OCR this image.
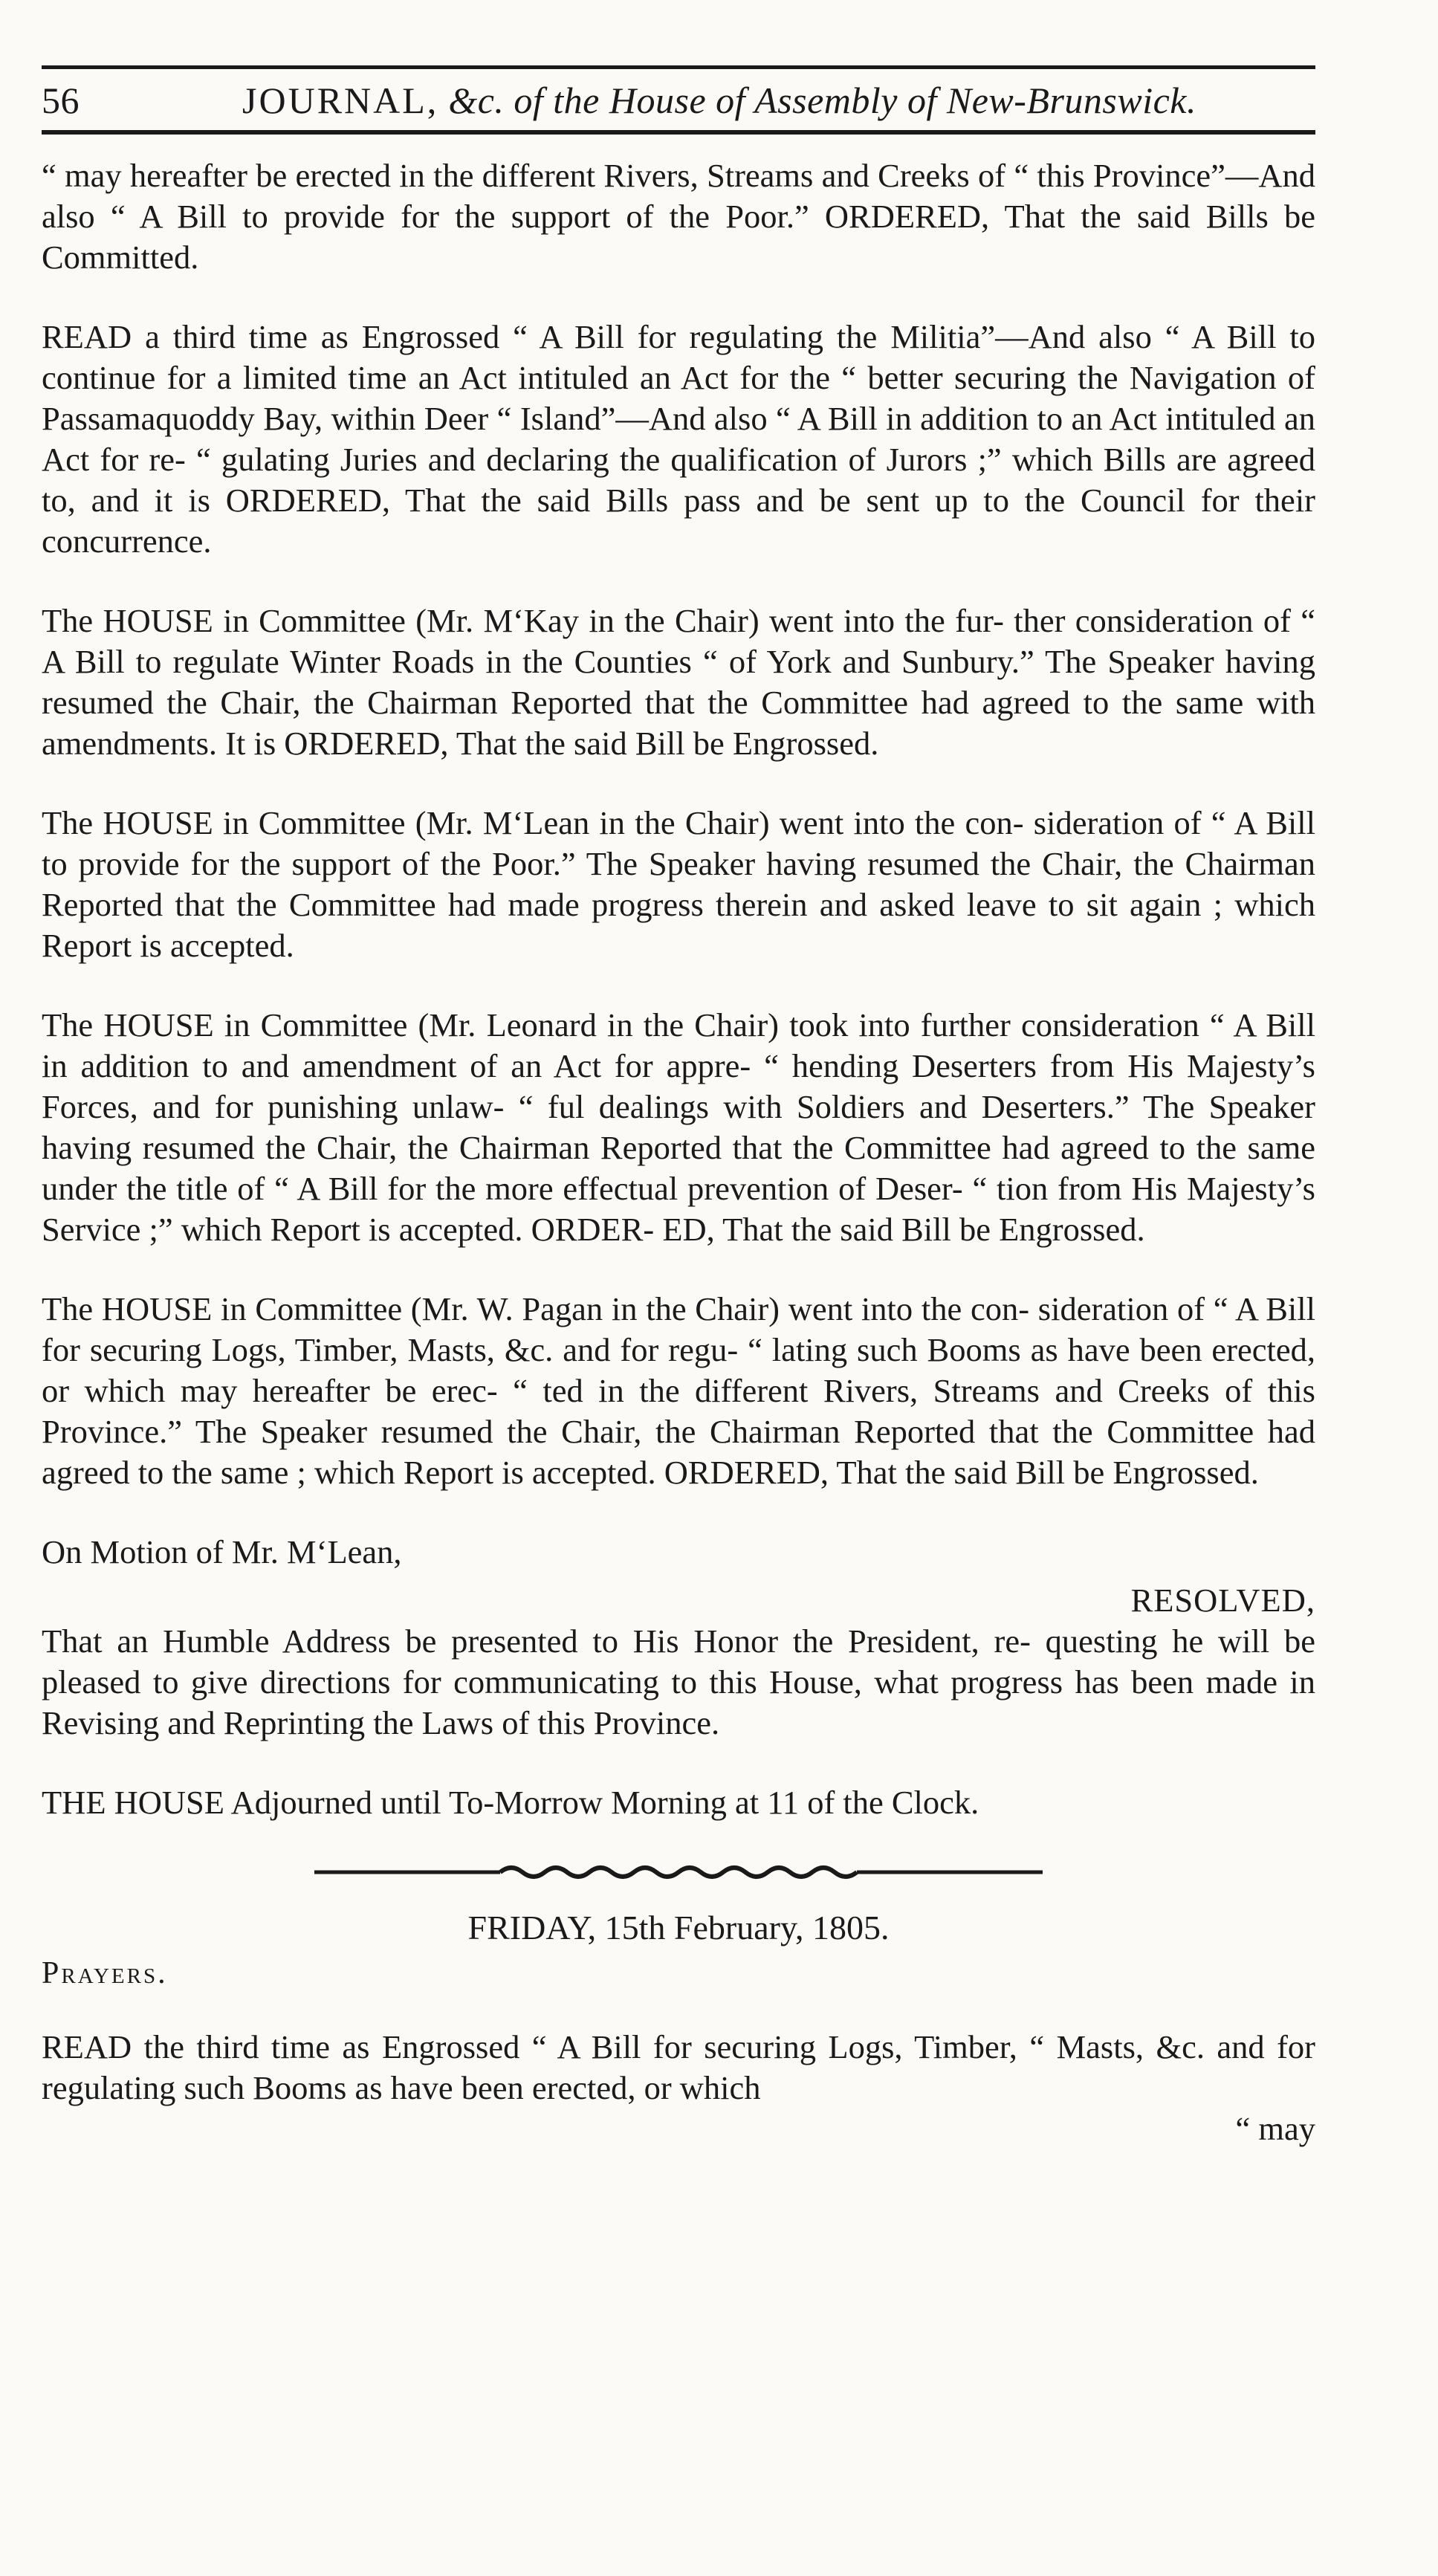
56	JOURNAL, &c. of the House of Assembly of New-Brunswick.

“ may hereafter be erected in the different Rivers, Streams and Creeks of “ this Province”—And also “ A Bill to provide for the support of the Poor.” ORDERED, That the said Bills be Committed.

READ a third time as Engrossed “ A Bill for regulating the Militia”—And also “ A Bill to continue for a limited time an Act intituled an Act for the “ better securing the Navigation of Passamaquoddy Bay, within Deer “ Island”—And also “ A Bill in addition to an Act intituled an Act for re- “ gulating Juries and declaring the qualification of Jurors ;” which Bills are agreed to, and it is ORDERED, That the said Bills pass and be sent up to the Council for their concurrence.

The HOUSE in Committee (Mr. M‘Kay in the Chair) went into the fur- ther consideration of “ A Bill to regulate Winter Roads in the Counties “ of York and Sunbury.” The Speaker having resumed the Chair, the Chairman Reported that the Committee had agreed to the same with amendments. It is ORDERED, That the said Bill be Engrossed.

The HOUSE in Committee (Mr. M‘Lean in the Chair) went into the con- sideration of “ A Bill to provide for the support of the Poor.” The Speaker having resumed the Chair, the Chairman Reported that the Committee had made progress therein and asked leave to sit again ; which Report is accepted.

The HOUSE in Committee (Mr. Leonard in the Chair) took into further consideration “ A Bill in addition to and amendment of an Act for appre- “ hending Deserters from His Majesty’s Forces, and for punishing unlaw- “ ful dealings with Soldiers and Deserters.” The Speaker having resumed the Chair, the Chairman Reported that the Committee had agreed to the same under the title of “ A Bill for the more effectual prevention of Deser- “ tion from His Majesty’s Service ;” which Report is accepted. ORDER- ED, That the said Bill be Engrossed.

The HOUSE in Committee (Mr. W. Pagan in the Chair) went into the con- sideration of “ A Bill for securing Logs, Timber, Masts, &c. and for regu- “ lating such Booms as have been erected, or which may hereafter be erec- “ ted in the different Rivers, Streams and Creeks of this Province.” The Speaker resumed the Chair, the Chairman Reported that the Committee had agreed to the same ; which Report is accepted. ORDERED, That the said Bill be Engrossed.

On Motion of Mr. M‘Lean,

RESOLVED,

That an Humble Address be presented to His Honor the President, re- questing he will be pleased to give directions for communicating to this House, what progress has been made in Revising and Reprinting the Laws of this Province.

THE HOUSE Adjourned until To-Morrow Morning at 11 of the Clock.

FRIDAY, 15th February, 1805.

Prayers.

READ the third time as Engrossed “ A Bill for securing Logs, Timber, “ Masts, &c. and for regulating such Booms as have been erected, or which

“ may
